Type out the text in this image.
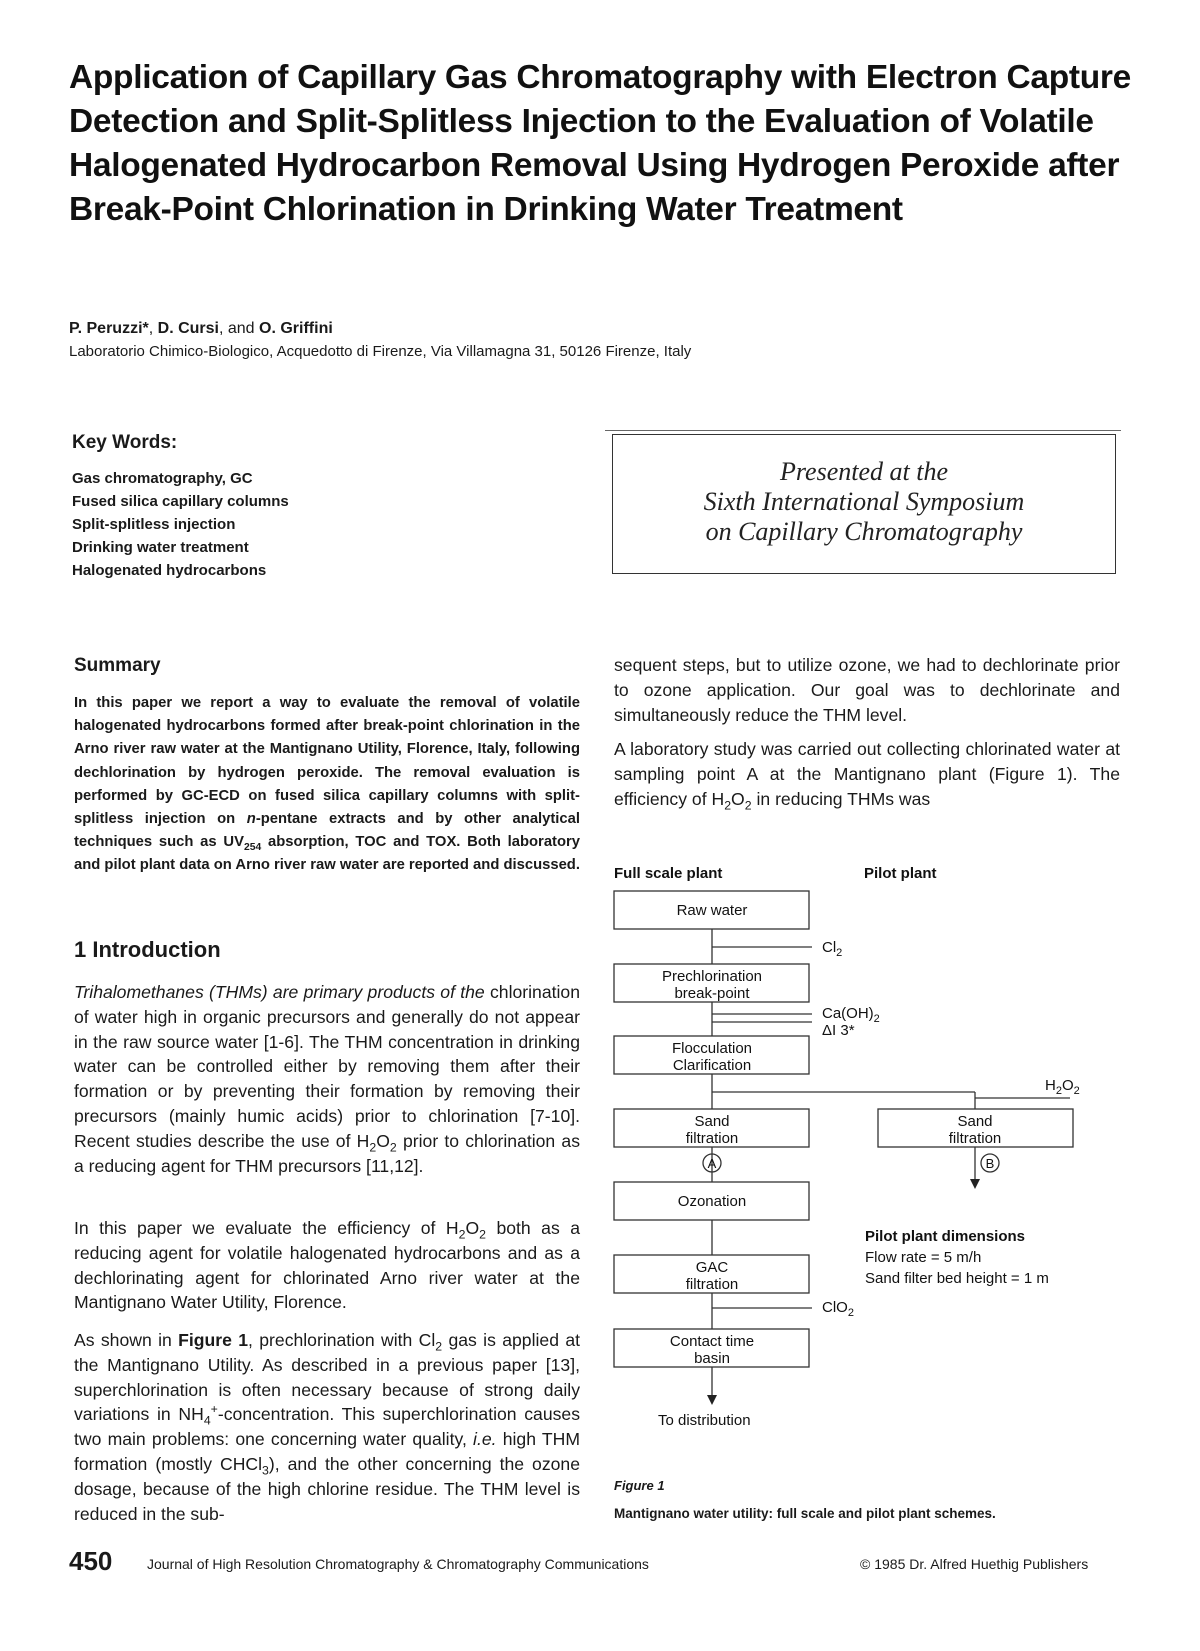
Application of Capillary Gas Chromatography with Electron Capture Detection and Split-Splitless Injection to the Evaluation of Volatile Halogenated Hydrocarbon Removal Using Hydrogen Peroxide after Break-Point Chlorination in Drinking Water Treatment
P. Peruzzi*, D. Cursi, and O. Griffini
Laboratorio Chimico-Biologico, Acquedotto di Firenze, Via Villamagna 31, 50126 Firenze, Italy
Key Words:
Gas chromatography, GC
Fused silica capillary columns
Split-splitless injection
Drinking water treatment
Halogenated hydrocarbons
Presented at the
Sixth International Symposium
on Capillary Chromatography
Summary
In this paper we report a way to evaluate the removal of volatile halogenated hydrocarbons formed after break-point chlorination in the Arno river raw water at the Mantignano Utility, Florence, Italy, following dechlorination by hydrogen peroxide. The removal evaluation is performed by GC-ECD on fused silica capillary columns with split-splitless injection on n-pentane extracts and by other analytical techniques such as $UV_{254}$ absorption, TOC and TOX. Both laboratory and pilot plant data on Arno river raw water are reported and discussed.
1 Introduction
Trihalomethanes (THMs) are primary products of the chlorination of water high in organic precursors and generally do not appear in the raw source water [1-6]. The THM concentration in drinking water can be controlled either by removing them after their formation or by preventing their formation by removing their precursors (mainly humic acids) prior to chlorination [7-10]. Recent studies describe the use of $H_2O_2$ prior to chlorination as a reducing agent for THM precursors [11,12].
In this paper we evaluate the efficiency of $H_2O_2$ both as a reducing agent for volatile halogenated hydrocarbons and as a dechlorinating agent for chlorinated Arno river water at the Mantignano Water Utility, Florence.
As shown in Figure 1, prechlorination with $Cl_2$ gas is applied at the Mantignano Utility. As described in a previous paper [13], superchlorination is often necessary because of strong daily variations in $NH_4^+$-concentration. This superchlorination causes two main problems: one concerning water quality, i.e. high THM formation (mostly CHCl$_3$), and the other concerning the ozone dosage, because of the high chlorine residue. The THM level is reduced in the sub-
sequent steps, but to utilize ozone, we had to dechlorinate prior to ozone application. Our goal was to dechlorinate and simultaneously reduce the THM level.
A laboratory study was carried out collecting chlorinated water at sampling point A at the Mantignano plant (Figure 1). The efficiency of $H_2O_2$ in reducing THMs was
Raw water
Prechlorination
break-point
Flocculation
Clarification
Sand
filtration
Ozonation
GAC
filtration
Contact time
basin
Sand
filtration
A	B
$Cl_2$
$Ca(OH)_2$
ΔI 3*
$H_2O_2$
ClO$_2$
To distribution
Full scale plant	Pilot plant
Pilot plant dimensions
Flow rate = 5 m/h
Sand filter bed height = 1 m
Figure 1
Mantignano water utility: full scale and pilot plant schemes.
450 Journal of High Resolution Chromatography & Chromatography Communications	© 1985 Dr. Alfred Huethig Publishers
